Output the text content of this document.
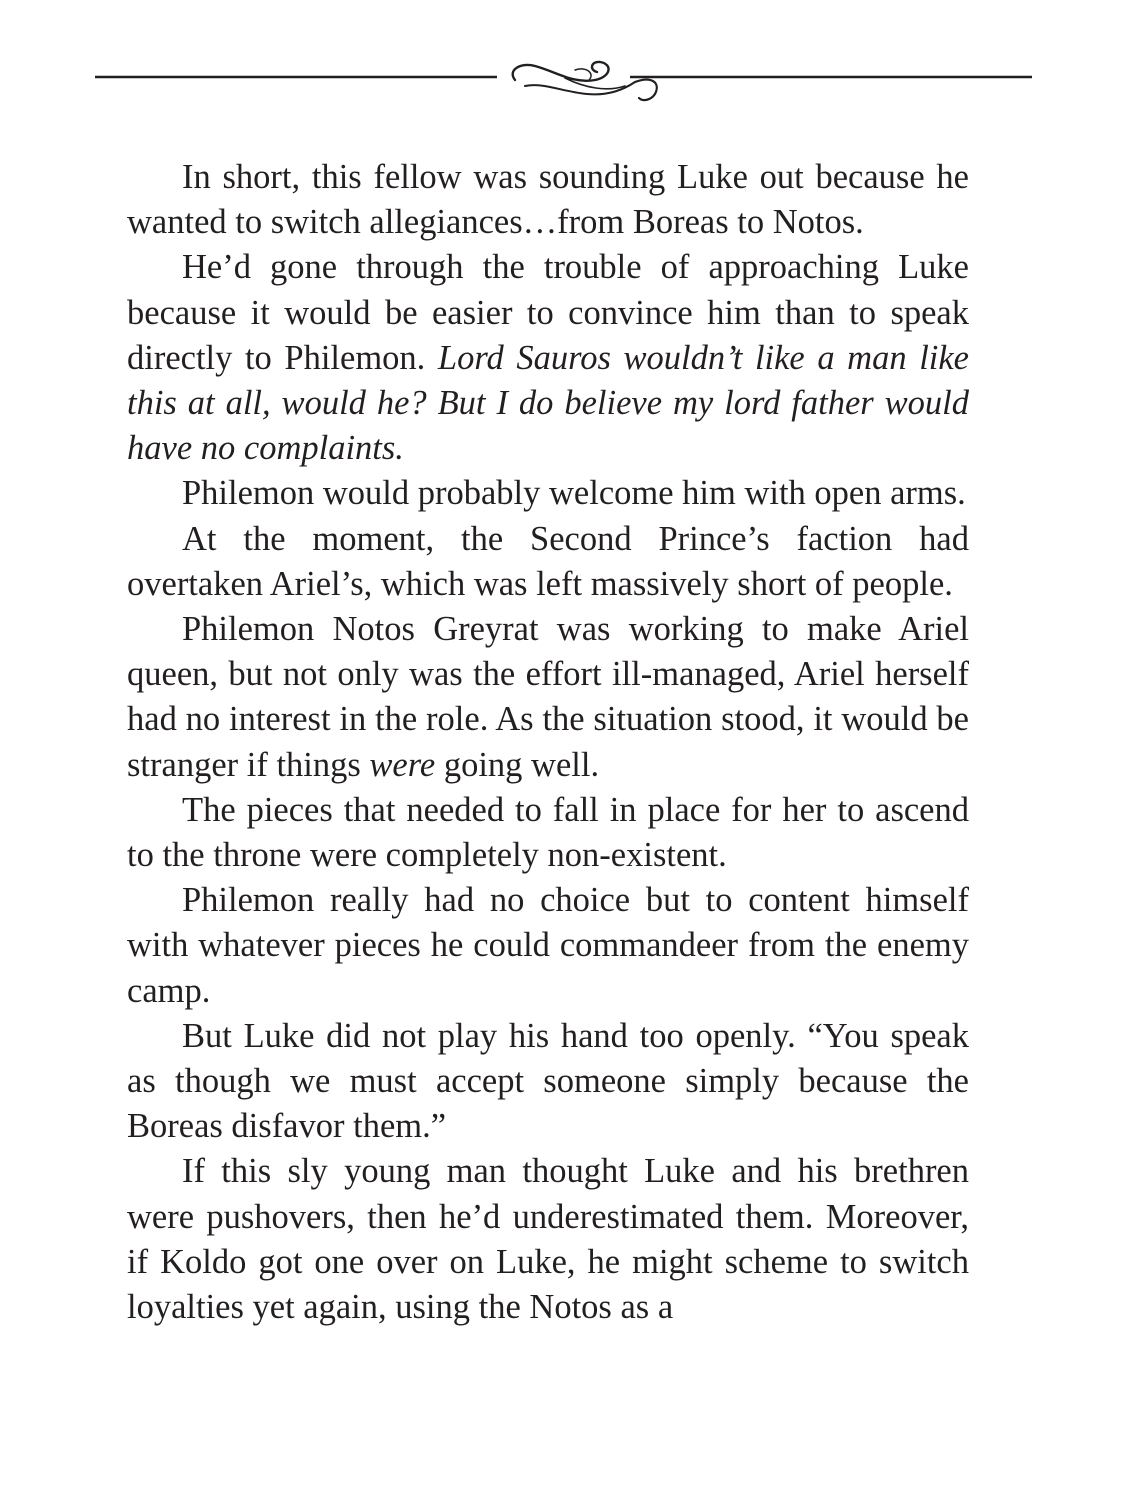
In short, this fellow was sounding Luke out because he wanted to switch allegiances…from Boreas to Notos.

He’d gone through the trouble of approaching Luke because it would be easier to convince him than to speak directly to Philemon. Lord Sauros wouldn’t like a man like this at all, would he? But I do believe my lord father would have no complaints.

Philemon would probably welcome him with open arms.

At the moment, the Second Prince’s faction had overtaken Ariel’s, which was left massively short of people.

Philemon Notos Greyrat was working to make Ariel queen, but not only was the effort ill-managed, Ariel herself had no interest in the role. As the situation stood, it would be stranger if things were going well.

The pieces that needed to fall in place for her to ascend to the throne were completely non-existent.

Philemon really had no choice but to content himself with whatever pieces he could commandeer from the enemy camp.

But Luke did not play his hand too openly. “You speak as though we must accept someone simply because the Boreas disfavor them.”

If this sly young man thought Luke and his brethren were pushovers, then he’d underestimated them. Moreover, if Koldo got one over on Luke, he might scheme to switch loyalties yet again, using the Notos as a
